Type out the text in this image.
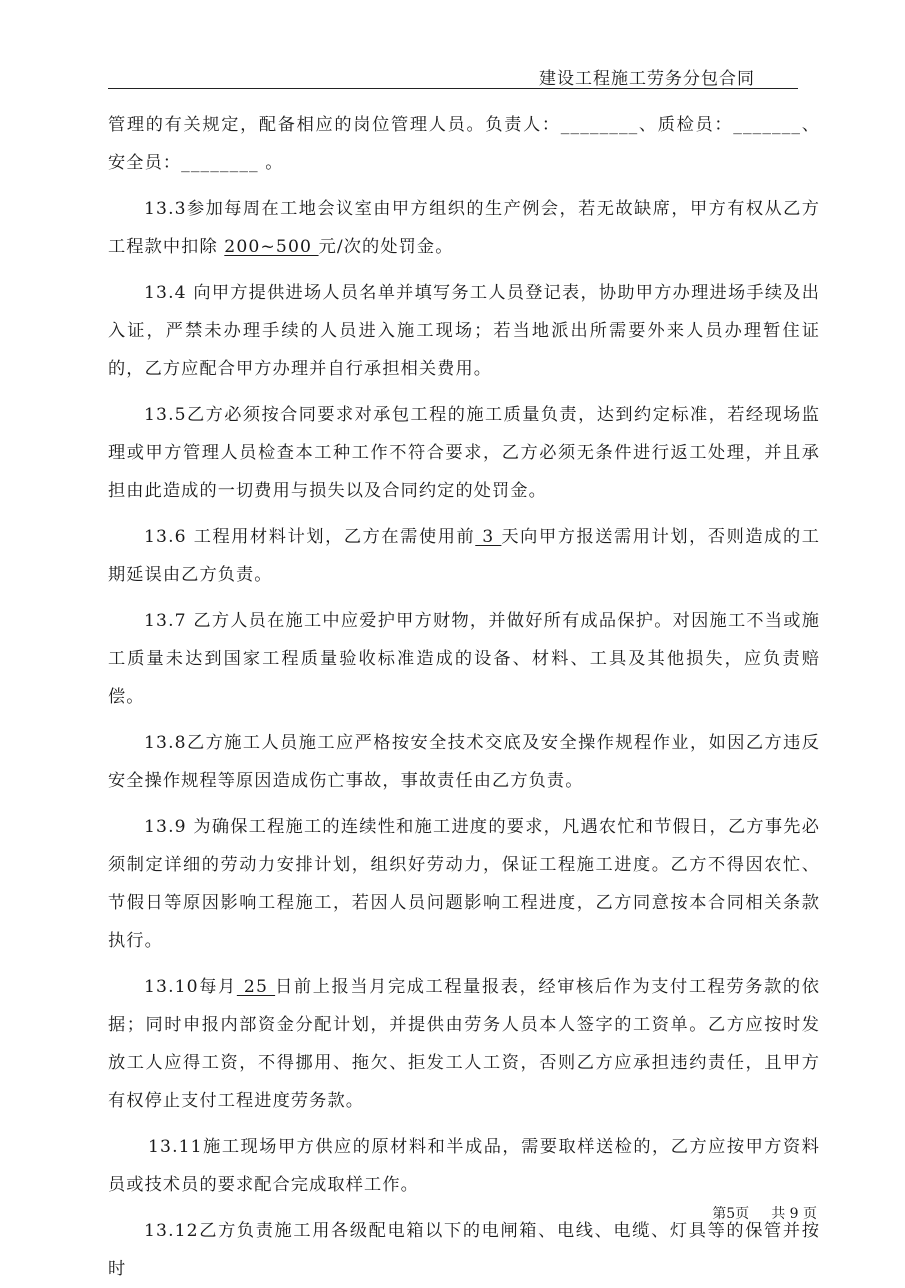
建设工程施工劳务分包合同

管理的有关规定，配备相应的岗位管理人员。负责人：________、质检员：_______、安全员：________ 。

13.3参加每周在工地会议室由甲方组织的生产例会，若无故缺席，甲方有权从乙方工程款中扣除 200~500 元/次的处罚金。

13.4 向甲方提供进场人员名单并填写务工人员登记表，协助甲方办理进场手续及出入证，严禁未办理手续的人员进入施工现场；若当地派出所需要外来人员办理暂住证的，乙方应配合甲方办理并自行承担相关费用。

13.5乙方必须按合同要求对承包工程的施工质量负责，达到约定标准，若经现场监理或甲方管理人员检查本工种工作不符合要求，乙方必须无条件进行返工处理，并且承担由此造成的一切费用与损失以及合同约定的处罚金。

13.6 工程用材料计划，乙方在需使用前 3 天向甲方报送需用计划，否则造成的工期延误由乙方负责。

13.7 乙方人员在施工中应爱护甲方财物，并做好所有成品保护。对因施工不当或施工质量未达到国家工程质量验收标准造成的设备、材料、工具及其他损失，应负责赔偿。

13.8乙方施工人员施工应严格按安全技术交底及安全操作规程作业，如因乙方违反安全操作规程等原因造成伤亡事故，事故责任由乙方负责。

13.9 为确保工程施工的连续性和施工进度的要求，凡遇农忙和节假日，乙方事先必须制定详细的劳动力安排计划，组织好劳动力，保证工程施工进度。乙方不得因农忙、节假日等原因影响工程施工，若因人员问题影响工程进度，乙方同意按本合同相关条款执行。

13.10每月 25 日前上报当月完成工程量报表，经审核后作为支付工程劳务款的依据；同时申报内部资金分配计划，并提供由劳务人员本人签字的工资单。乙方应按时发放工人应得工资，不得挪用、拖欠、拒发工人工资，否则乙方应承担违约责任，且甲方有权停止支付工程进度劳务款。

13.11施工现场甲方供应的原材料和半成品，需要取样送检的，乙方应按甲方资料员或技术员的要求配合完成取样工作。

13.12乙方负责施工用各级配电箱以下的电闸箱、电线、电缆、灯具等的保管并按时

第5页 共 9 页
